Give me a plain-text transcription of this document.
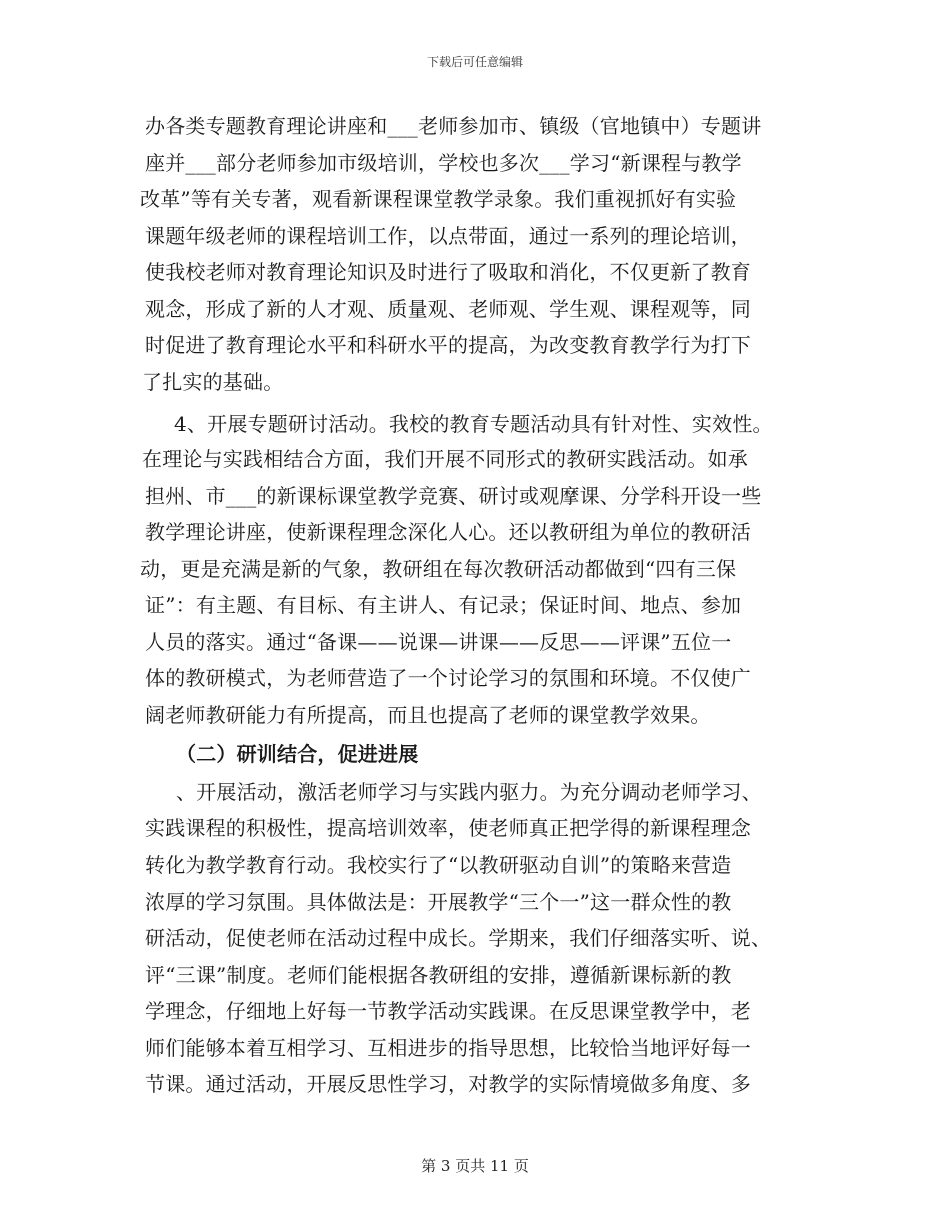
下载后可任意编辑
办各类专题教育理论讲座和___老师参加市、镇级（官地镇中）专题讲
座并___部分老师参加市级培训，学校也多次___学习“新课程与教学
改革”等有关专著，观看新课程课堂教学录象。我们重视抓好有实验
课题年级老师的课程培训工作，以点带面，通过一系列的理论培训，
使我校老师对教育理论知识及时进行了吸取和消化，不仅更新了教育
观念，形成了新的人才观、质量观、老师观、学生观、课程观等，同
时促进了教育理论水平和科研水平的提高，为改变教育教学行为打下
了扎实的基础。
4、开展专题研讨活动。我校的教育专题活动具有针对性、实效性。
在理论与实践相结合方面，我们开展不同形式的教研实践活动。如承
担州、市___的新课标课堂教学竞赛、研讨或观摩课、分学科开设一些
教学理论讲座，使新课程理念深化人心。还以教研组为单位的教研活
动，更是充满是新的气象，教研组在每次教研活动都做到“四有三保
证”：有主题、有目标、有主讲人、有记录；保证时间、地点、参加
人员的落实。通过“备课——说课—讲课——反思——评课”五位一
体的教研模式，为老师营造了一个讨论学习的氛围和环境。不仅使广
阔老师教研能力有所提高，而且也提高了老师的课堂教学效果。
（二）研训结合，促进进展
、开展活动，激活老师学习与实践内驱力。为充分调动老师学习、
实践课程的积极性，提高培训效率，使老师真正把学得的新课程理念
转化为教学教育行动。我校实行了“以教研驱动自训”的策略来营造
浓厚的学习氛围。具体做法是：开展教学“三个一”这一群众性的教
研活动，促使老师在活动过程中成长。学期来，我们仔细落实听、说、
评“三课”制度。老师们能根据各教研组的安排，遵循新课标新的教
学理念，仔细地上好每一节教学活动实践课。在反思课堂教学中，老
师们能够本着互相学习、互相进步的指导思想，比较恰当地评好每一
节课。通过活动，开展反思性学习，对教学的实际情境做多角度、多
第 3 页共 11 页
